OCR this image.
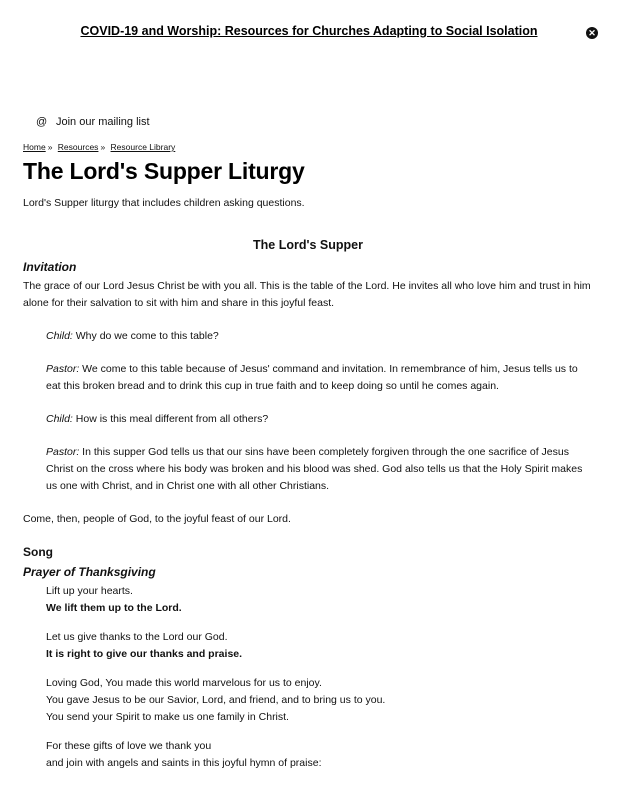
COVID-19 and Worship: Resources for Churches Adapting to Social Isolation	✕
@ Join our mailing list
Home » Resources » Resource Library
The Lord's Supper Liturgy
Lord's Supper liturgy that includes children asking questions.

The Lord's Supper

Invitation

The grace of our Lord Jesus Christ be with you all. This is the table of the Lord. He invites all who love him and trust in him alone for their salvation to sit with him and share in this joyful feast.

Child: Why do we come to this table?

Pastor: We come to this table because of Jesus' command and invitation. In remembrance of him, Jesus tells us to eat this broken bread and to drink this cup in true faith and to keep doing so until he comes again.

Child: How is this meal different from all others?

Pastor: In this supper God tells us that our sins have been completely forgiven through the one sacrifice of Jesus Christ on the cross where his body was broken and his blood was shed. God also tells us that the Holy Spirit makes us one with Christ, and in Christ one with all other Christians.

Come, then, people of God, to the joyful feast of our Lord.

Song

Prayer of Thanksgiving

Lift up your hearts.

We lift them up to the Lord.

Let us give thanks to the Lord our God.

It is right to give our thanks and praise.

Loving God, You made this world marvelous for us to enjoy.

You gave Jesus to be our Savior, Lord, and friend, and to bring us to you.

You send your Spirit to make us one family in Christ.

For these gifts of love we thank you

and join with angels and saints in this joyful hymn of praise:
